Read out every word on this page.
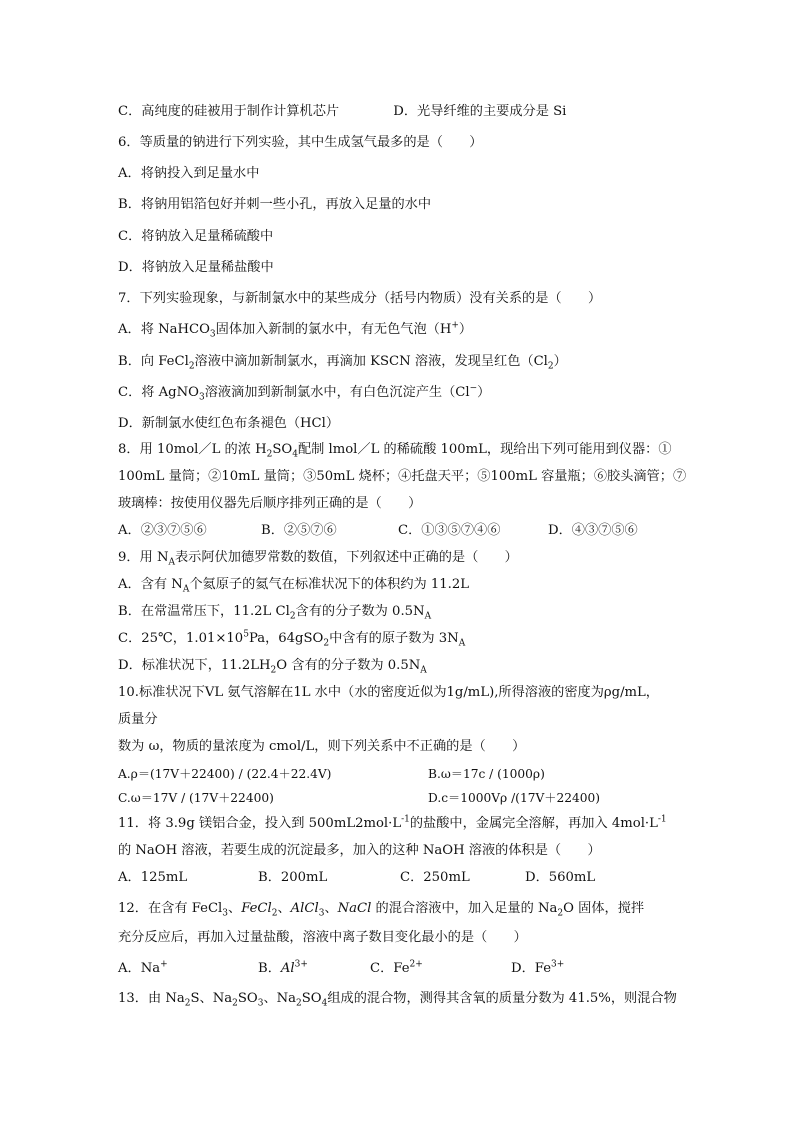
C．高纯度的硅被用于制作计算机芯片	D．光导纤维的主要成分是 Si
6．等质量的钠进行下列实验，其中生成氢气最多的是（　　）
A．将钠投入到足量水中
B．将钠用铝箔包好并刺一些小孔，再放入足量的水中
C．将钠放入足量稀硫酸中
D．将钠放入足量稀盐酸中
7．下列实验现象，与新制氯水中的某些成分（括号内物质）没有关系的是（　　）
A．将 NaHCO$_3$固体加入新制的氯水中，有无色气泡（H+）
B．向 FeCl$_2$溶液中滴加新制氯水，再滴加 KSCN 溶液，发现呈红色$(Cl_2)$
C．将 AgNO$_3$溶液滴加到新制氯水中，有白色沉淀产生（Cl−）
D．新制氯水使红色布条褪色（HCl）
8．用 10mol／L 的浓 $H_2SO_4$配制 lmol／L 的稀硫酸 100mL，现给出下列可能用到仪器：①
100mL 量筒；②10mL 量筒；③50mL 烧杯；④托盘天平；⑤100mL 容量瓶；⑥胶头滴管；⑦
玻璃棒：按使用仪器先后顺序排列正确的是（　　）
A．②③⑦⑤⑥	B．②⑤⑦⑥	C．①③⑤⑦④⑥	D．④③⑦⑤⑥
9．用 $N_A$表示阿伏加德罗常数的数值，下列叙述中正确的是（　　）
A．含有 $N_A$个氦原子的氦气在标准状况下的体积约为 11.2L
B．在常温常压下，11.2L $Cl_2$含有的分子数为 $0.5N_A$
C．25℃，$1.01\times 10^5Pa$，64gSO$_2$中含有的原子数为 $3N_A$
D．标准状况下，$11.2LH_2O$ 含有的分子数为 $0.5N_A$
10.标准状况下VL 氨气溶解在1L 水中（水的密度近似为1g/mL),所得溶液的密度为ρg/mL，
质量分
数为 ω，物质的量浓度为 cmol/L，则下列关系中不正确的是（　　）
A.ρ＝(17V＋22400) / (22.4＋22.4V)	B.ω＝17c / (1000ρ)
C.ω＝17V / (17V＋22400)	D.c＝1000Vρ /(17V＋22400)
11．将 3.9g 镁铝合金，投入到 $500mL2mol\cdot L^{-1}$的盐酸中，金属完全溶解，再加入 $4mol\cdot L^{-1}$
的 NaOH 溶液，若要生成的沉淀最多，加入的这种 NaOH 溶液的体积是（　　）
A．125mL	B．200mL	C．250mL	D．560mL
12．在含有 FeCl$_3$、FeCl$_2$、AlCl$_3$、NaCl 的混合溶液中，加入足量的 $Na_2O$ 固体，搅拌
充分反应后，再加入过量盐酸，溶液中离子数目变化最小的是（　　）
A．Na+	B．$Al^{3+}$	C．$Fe^{2+}$	D．$Fe^{3+}$
13．由 $Na_2S$、$Na_2SO_3$、$Na_2SO_4$组成的混合物，测得其含氧的质量分数为 41.5%，则混合物
